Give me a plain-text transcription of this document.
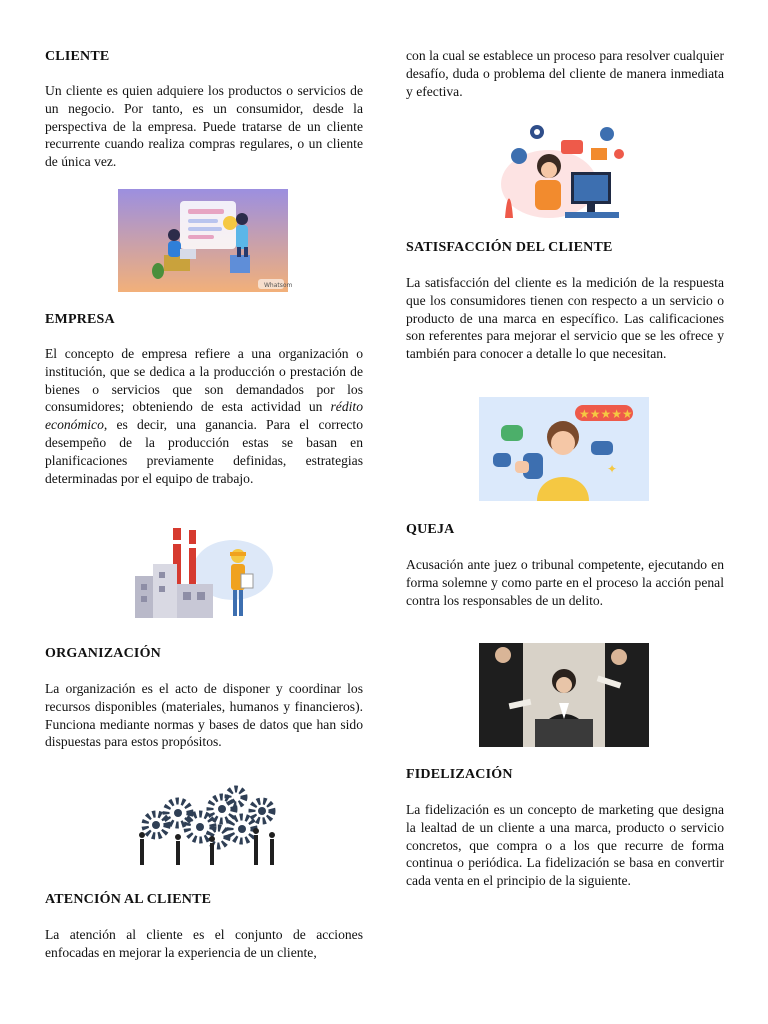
CLIENTE

Un cliente es quien adquiere los productos o servicios de un negocio. Por tanto, es un consumidor, desde la perspectiva de la empresa. Puede tratarse de un cliente recurrente cuando realiza compras regulares, o un cliente de única vez.

Whatsom
EMPRESA

El concepto de empresa refiere a una organización o institución, que se dedica a la producción o prestación de bienes o servicios que son demandados por los consumidores; obteniendo de esta actividad un rédito económico, es decir, una ganancia. Para el correcto desempeño de la producción estas se basan en planificaciones previamente definidas, estrategias determinadas por el equipo de trabajo.

ORGANIZACIÓN

La organización es el acto de disponer y coordinar los recursos disponibles (materiales, humanos y financieros). Funciona mediante normas y bases de datos que han sido dispuestas para estos propósitos.

ATENCIÓN AL CLIENTE

La atención al cliente es el conjunto de acciones enfocadas en mejorar la experiencia de un cliente,

con la cual se establece un proceso para resolver cualquier desafío, duda o problema del cliente de manera inmediata y efectiva.

SATISFACCIÓN DEL CLIENTE

La satisfacción del cliente es la medición de la respuesta que los consumidores tienen con respecto a un servicio o producto de una marca en específico. Las calificaciones son referentes para mejorar el servicio que se les ofrece y también para conocer a detalle lo que necesitan.

★★★★★
✦
QUEJA

Acusación ante juez o tribunal competente, ejecutando en forma solemne y como parte en el proceso la acción penal contra los responsables de un delito.

FIDELIZACIÓN

La fidelización es un concepto de marketing que designa la lealtad de un cliente a una marca, producto o servicio concretos, que compra o a los que recurre de forma continua o periódica. La fidelización se basa en convertir cada venta en el principio de la siguiente.
